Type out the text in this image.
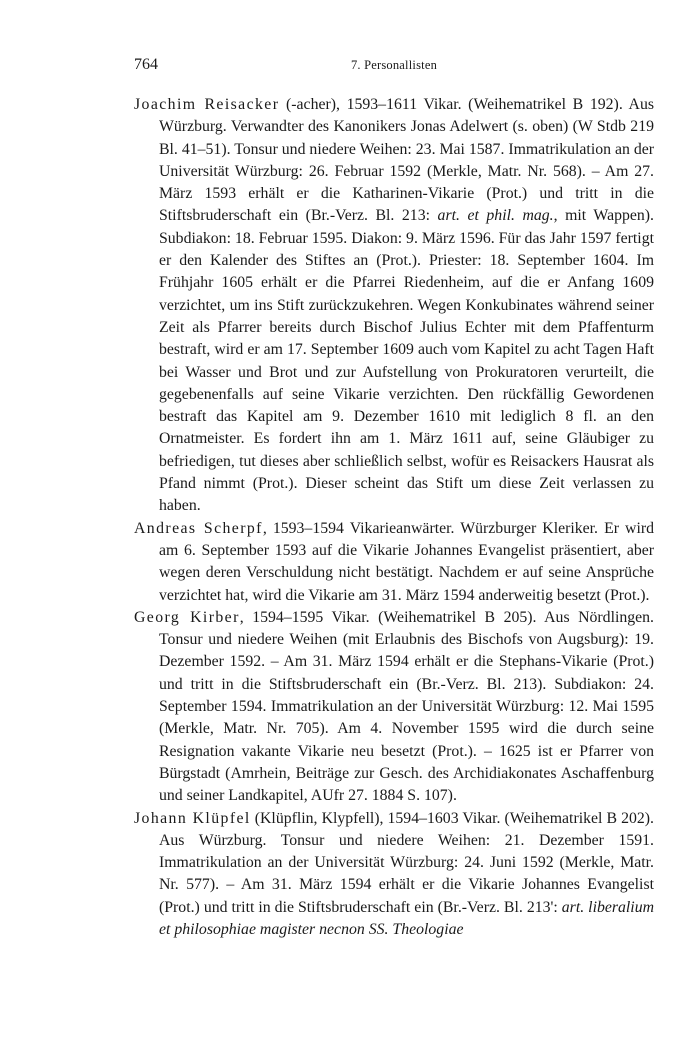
764	7. Personallisten

Joachim Reisacker (-acher), 1593–1611 Vikar. (Weihematrikel B 192). Aus Würzburg. Verwandter des Kanonikers Jonas Adelwert (s. oben) (W Stdb 219 Bl. 41–51). Tonsur und niedere Weihen: 23. Mai 1587. Immatrikulation an der Universität Würzburg: 26. Februar 1592 (Merkle, Matr. Nr. 568). – Am 27. März 1593 erhält er die Katharinen-Vikarie (Prot.) und tritt in die Stiftsbruderschaft ein (Br.-Verz. Bl. 213: art. et phil. mag., mit Wappen). Subdiakon: 18. Februar 1595. Diakon: 9. März 1596. Für das Jahr 1597 fertigt er den Kalender des Stiftes an (Prot.). Priester: 18. September 1604. Im Frühjahr 1605 erhält er die Pfarrei Riedenheim, auf die er Anfang 1609 verzichtet, um ins Stift zurückzukehren. Wegen Konkubinates während seiner Zeit als Pfarrer bereits durch Bischof Julius Echter mit dem Pfaffenturm bestraft, wird er am 17. September 1609 auch vom Kapitel zu acht Tagen Haft bei Wasser und Brot und zur Aufstellung von Prokuratoren verurteilt, die gegebenenfalls auf seine Vikarie verzichten. Den rückfällig Gewordenen bestraft das Kapitel am 9. Dezember 1610 mit lediglich 8 fl. an den Ornatmeister. Es fordert ihn am 1. März 1611 auf, seine Gläubiger zu befriedigen, tut dieses aber schließlich selbst, wofür es Reisackers Hausrat als Pfand nimmt (Prot.). Dieser scheint das Stift um diese Zeit verlassen zu haben.

Andreas Scherpf, 1593–1594 Vikarieanwärter. Würzburger Kleriker. Er wird am 6. September 1593 auf die Vikarie Johannes Evangelist präsentiert, aber wegen deren Verschuldung nicht bestätigt. Nachdem er auf seine Ansprüche verzichtet hat, wird die Vikarie am 31. März 1594 anderweitig besetzt (Prot.).

Georg Kirber, 1594–1595 Vikar. (Weihematrikel B 205). Aus Nördlingen. Tonsur und niedere Weihen (mit Erlaubnis des Bischofs von Augsburg): 19. Dezember 1592. – Am 31. März 1594 erhält er die Stephans-Vikarie (Prot.) und tritt in die Stiftsbruderschaft ein (Br.-Verz. Bl. 213). Subdiakon: 24. September 1594. Immatrikulation an der Universität Würzburg: 12. Mai 1595 (Merkle, Matr. Nr. 705). Am 4. November 1595 wird die durch seine Resignation vakante Vikarie neu besetzt (Prot.). – 1625 ist er Pfarrer von Bürgstadt (Amrhein, Beiträge zur Gesch. des Archidiakonates Aschaffenburg und seiner Landkapitel, AUfr 27. 1884 S. 107).

Johann Klüpfel (Klüpflin, Klypfell), 1594–1603 Vikar. (Weihematrikel B 202). Aus Würzburg. Tonsur und niedere Weihen: 21. Dezember 1591. Immatrikulation an der Universität Würzburg: 24. Juni 1592 (Merkle, Matr. Nr. 577). – Am 31. März 1594 erhält er die Vikarie Johannes Evangelist (Prot.) und tritt in die Stiftsbruderschaft ein (Br.-Verz. Bl. 213': art. liberalium et philosophiae magister necnon SS. Theologiae
